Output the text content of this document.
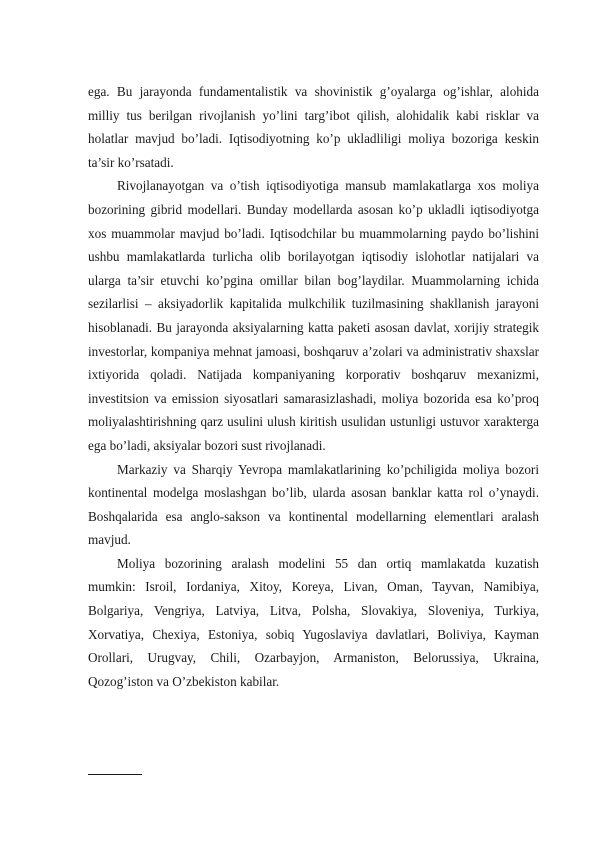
ega. Bu jarayonda fundamentalistik va shovinistik g’oyalarga og’ishlar, alohida milliy tus berilgan rivojlanish yo’lini targ’ibot qilish, alohidalik kabi risklar va holatlar mavjud bo’ladi. Iqtisodiyotning ko’p ukladliligi moliya bozoriga keskin ta’sir ko’rsatadi.

Rivojlanayotgan va o’tish iqtisodiyotiga mansub mamlakatlarga xos moliya bozorining gibrid modellari. Bunday modellarda asosan ko’p ukladli iqtisodiyotga xos muammolar mavjud bo’ladi. Iqtisodchilar bu muammolarning paydo bo’lishini ushbu mamlakatlarda turlicha olib borilayotgan iqtisodiy islohotlar natijalari va ularga ta’sir etuvchi ko’pgina omillar bilan bog’laydilar. Muammolarning ichida sezilarlisi – aksiyadorlik kapitalida mulkchilik tuzilmasining shakllanish jarayoni hisoblanadi. Bu jarayonda aksiyalarning katta paketi asosan davlat, xorijiy strategik investorlar, kompaniya mehnat jamoasi, boshqaruv a’zolari va administrativ shaxslar ixtiyorida qoladi. Natijada kompaniyaning korporativ boshqaruv mexanizmi, investitsion va emission siyosatlari samarasizlashadi, moliya bozorida esa ko’proq moliyalashtirishning qarz usulini ulush kiritish usulidan ustunligi ustuvor xarakterga ega bo’ladi, aksiyalar bozori sust rivojlanadi.

Markaziy va Sharqiy Yevropa mamlakatlarining ko’pchiligida moliya bozori kontinental modelga moslashgan bo’lib, ularda asosan banklar katta rol o’ynaydi. Boshqalarida esa anglo-sakson va kontinental modellarning elementlari aralash mavjud.

Moliya bozorining aralash modelini 55 dan ortiq mamlakatda kuzatish mumkin: Isroil, Iordaniya, Xitoy, Koreya, Livan, Oman, Tayvan, Namibiya, Bolgariya, Vengriya, Latviya, Litva, Polsha, Slovakiya, Sloveniya, Turkiya, Xorvatiya, Chexiya, Estoniya, sobiq Yugoslaviya davlatlari, Boliviya, Kayman Orollari, Urugvay, Chili, Ozarbayjon, Armaniston, Belorussiya, Ukraina, Qozog’iston va O’zbekiston kabilar.
